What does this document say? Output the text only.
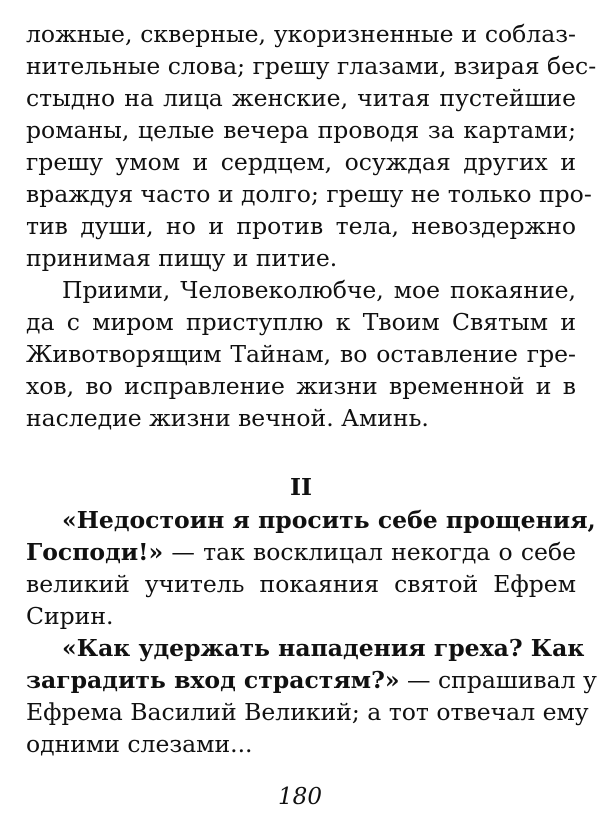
ложные, скверные, укоризненные и соблаз-
нительные слова; грешу глазами, взирая бес-
стыдно на лица женские, читая пустейшие
романы, целые вечера проводя за картами;
грешу умом и сердцем, осуждая других и
враждуя часто и долго; грешу не только про-
тив души, но и против тела, невоздержно
принимая пищу и питие.
Приими, Человеколюбче, мое покаяние,
да с миром приступлю к Твоим Святым и
Животворящим Тайнам, во оставление гре-
хов, во исправление жизни временной и в
наследие жизни вечной. Аминь.
II
«Недостоин я просить себе прощения,
Господи!» — так восклицал некогда о себе
великий учитель покаяния святой Ефрем
Сирин.
«Как удержать нападения греха? Как
заградить вход страстям?» — спрашивал у
Ефрема Василий Великий; а тот отвечал ему
одними слезами...
180
